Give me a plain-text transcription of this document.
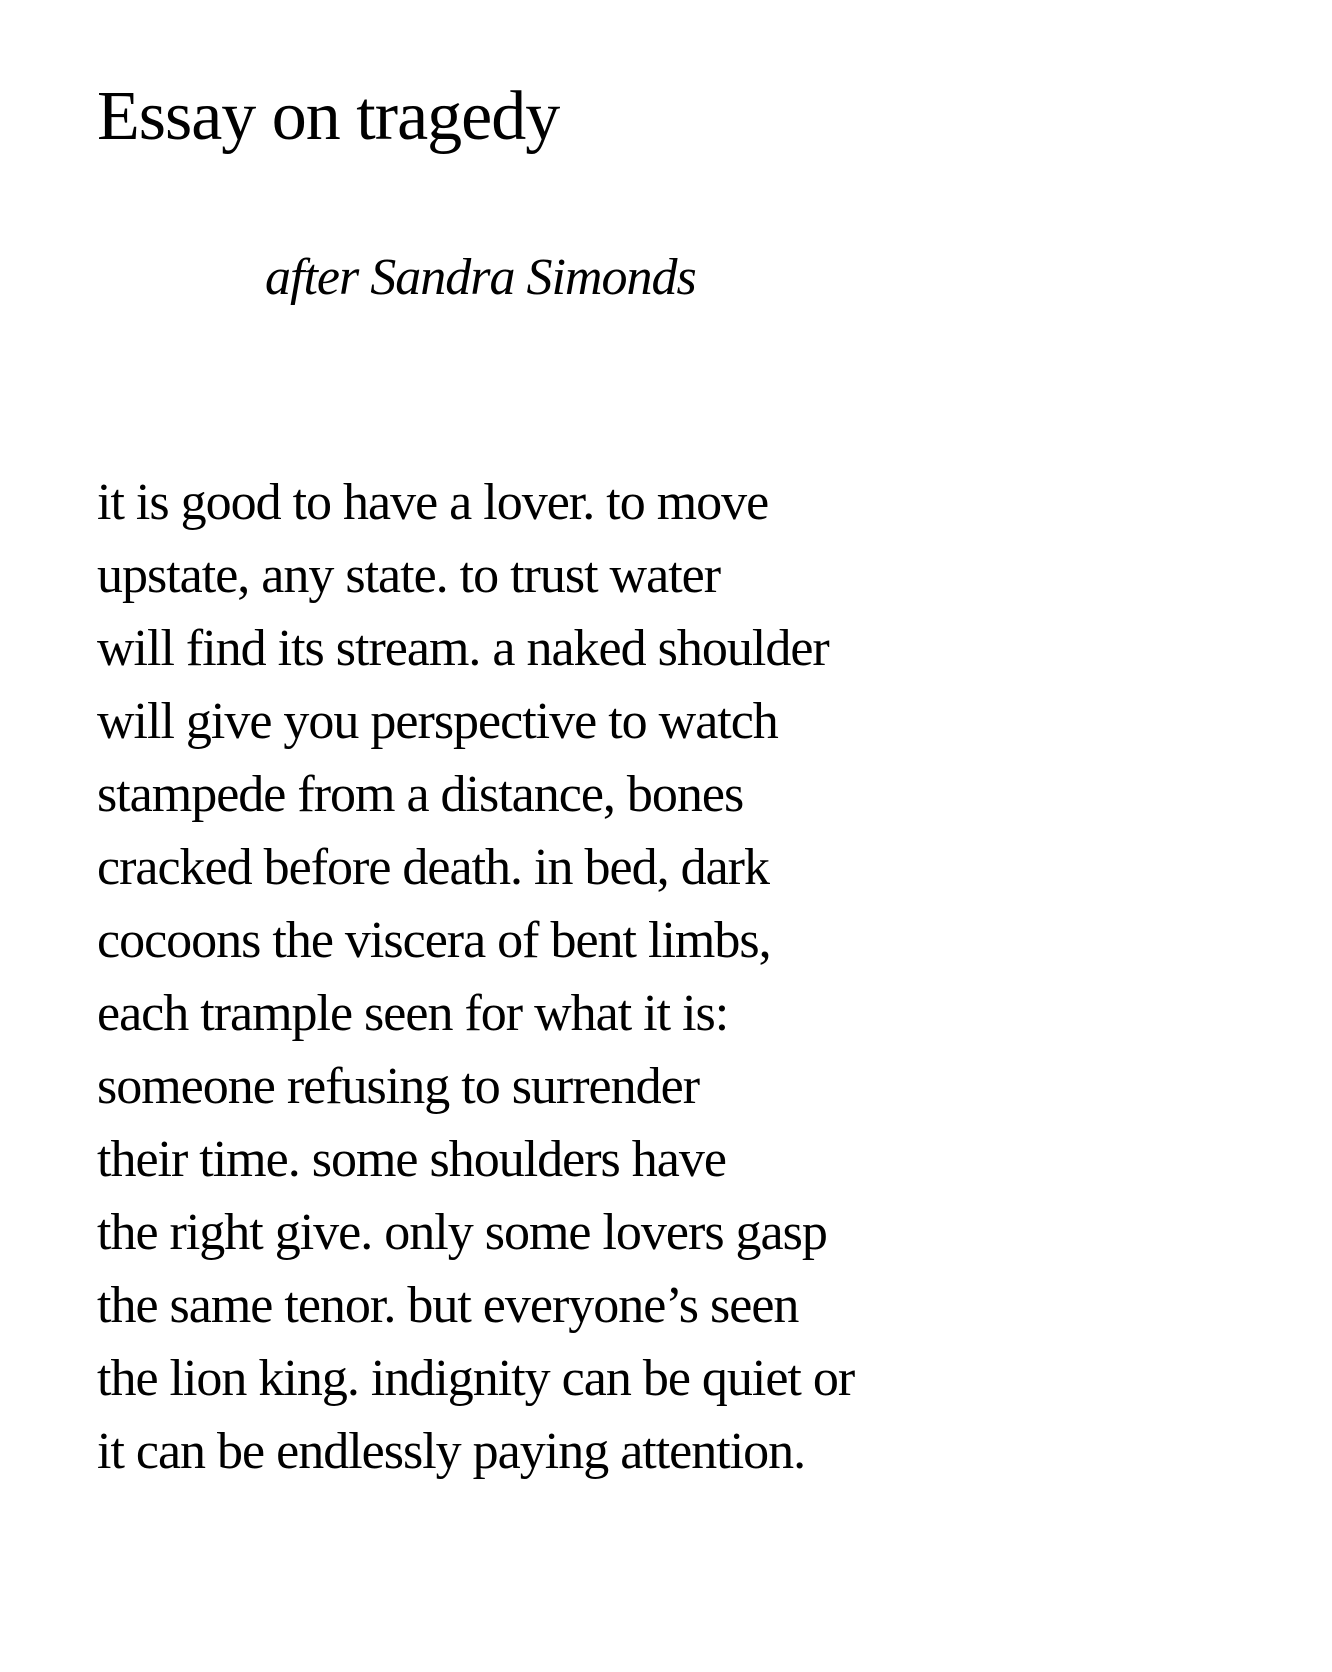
Essay on tragedy
after Sandra Simonds
it is good to have a lover. to move
upstate, any state. to trust water
will find its stream. a naked shoulder
will give you perspective to watch
stampede from a distance, bones
cracked before death. in bed, dark
cocoons the viscera of bent limbs,
each trample seen for what it is:
someone refusing to surrender
their time. some shoulders have
the right give. only some lovers gasp
the same tenor. but everyone’s seen
the lion king. indignity can be quiet or
it can be endlessly paying attention.
